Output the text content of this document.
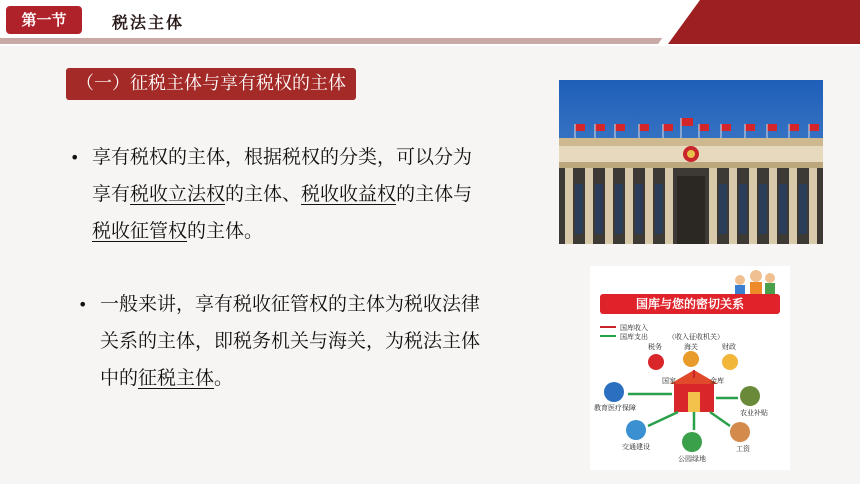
第一节	税法主体
（一）征税主体与享有税权的主体
• 享有税权的主体，根据税权的分类，可以分为
享有税收立法权的主体、税收收益权的主体与
税收征管权的主体。
• 一般来讲，享有税收征管权的主体为税收法律
关系的主体，即税务机关与海关，为税法主体
中的征税主体。
国库与您的密切关系
国库收入
国库支出	（收入征收机关）
税务	海关	财政
国家	金库
教育医疗保障
农业补贴
交通建设	工资
公园绿地
